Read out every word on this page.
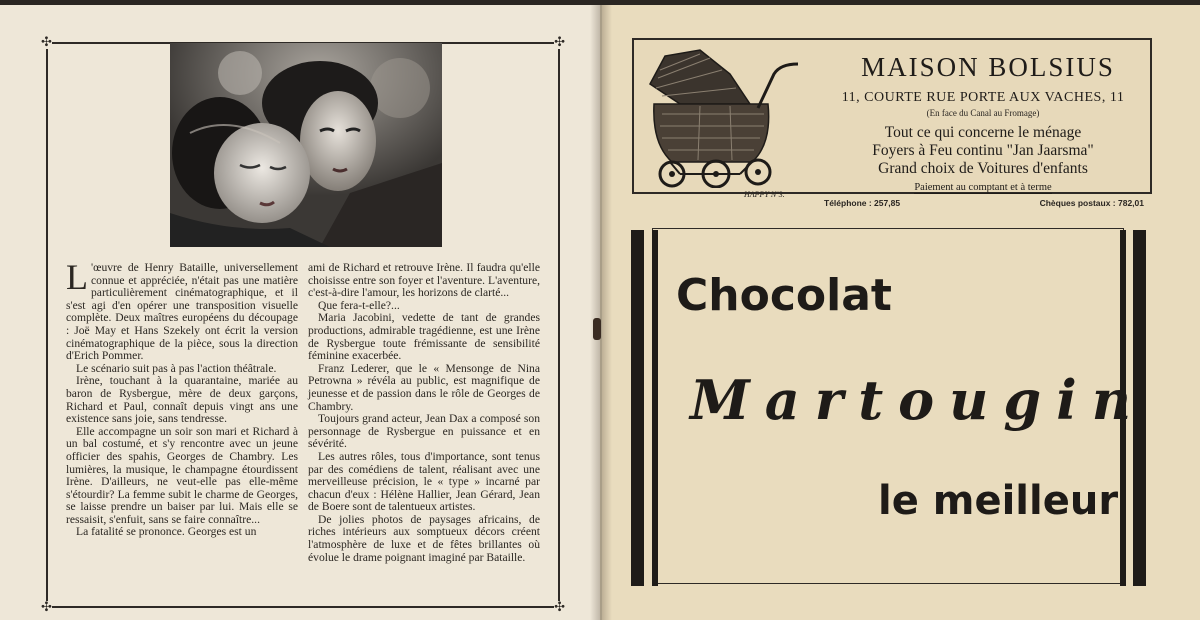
✣	✣
✣	✣

L 'œuvre de Henry Bataille, universellement connue et appréciée, n'était pas une matière particulièrement cinématographique, et il s'est agi d'en opérer une transposition visuelle complète. Deux maîtres européens du découpage : Joë May et Hans Szekely ont écrit la version cinématographique de la pièce, sous la direction d'Erich Pommer.

Le scénario suit pas à pas l'action théâtrale.

Irène, touchant à la quarantaine, mariée au baron de Rysbergue, mère de deux garçons, Richard et Paul, connaît depuis vingt ans une existence sans joie, sans tendresse.

Elle accompagne un soir son mari et Richard à un bal costumé, et s'y rencontre avec un jeune officier des spahis, Georges de Chambry. Les lumières, la musique, le champagne étourdissent Irène. D'ailleurs, ne veut-elle pas elle-même s'étourdir? La femme subit le charme de Georges, se laisse prendre un baiser par lui. Mais elle se ressaisit, s'enfuit, sans se faire connaître...

La fatalité se prononce. Georges est un

ami de Richard et retrouve Irène. Il faudra qu'elle choisisse entre son foyer et l'aventure. L'aventure, c'est-à-dire l'amour, les horizons de clarté...

Que fera-t-elle?...

Maria Jacobini, vedette de tant de grandes productions, admirable tragédienne, est une Irène de Rysbergue toute frémissante de sensibilité féminine exacerbée.

Franz Lederer, que le « Mensonge de Nina Petrowna » révéla au public, est magnifique de jeunesse et de passion dans le rôle de Georges de Chambry.

Toujours grand acteur, Jean Dax a composé son personnage de Rysbergue en puissance et en sévérité.

Les autres rôles, tous d'importance, sont tenus par des comédiens de talent, réalisant avec une merveilleuse précision, le « type » incarné par chacun d'eux : Hélène Hallier, Jean Gérard, Jean de Boere sont de talentueux artistes.

De jolies photos de paysages africains, de riches intérieurs aux somptueux décors créent l'atmosphère de luxe et de fêtes brillantes où évolue le drame poignant imaginé par Bataille.

HAPPY Nº3.
MAISON BOLSIUS
11, COURTE RUE PORTE AUX VACHES, 11
(En face du Canal au Fromage)
Tout ce qui concerne le ménage
Foyers à Feu continu "Jan Jaarsma"
Grand choix de Voitures d'enfants
Paiement au comptant et à terme
Téléphone : 257,85	Chèques postaux : 782,01
Chocolat
Martougin
le meilleur
